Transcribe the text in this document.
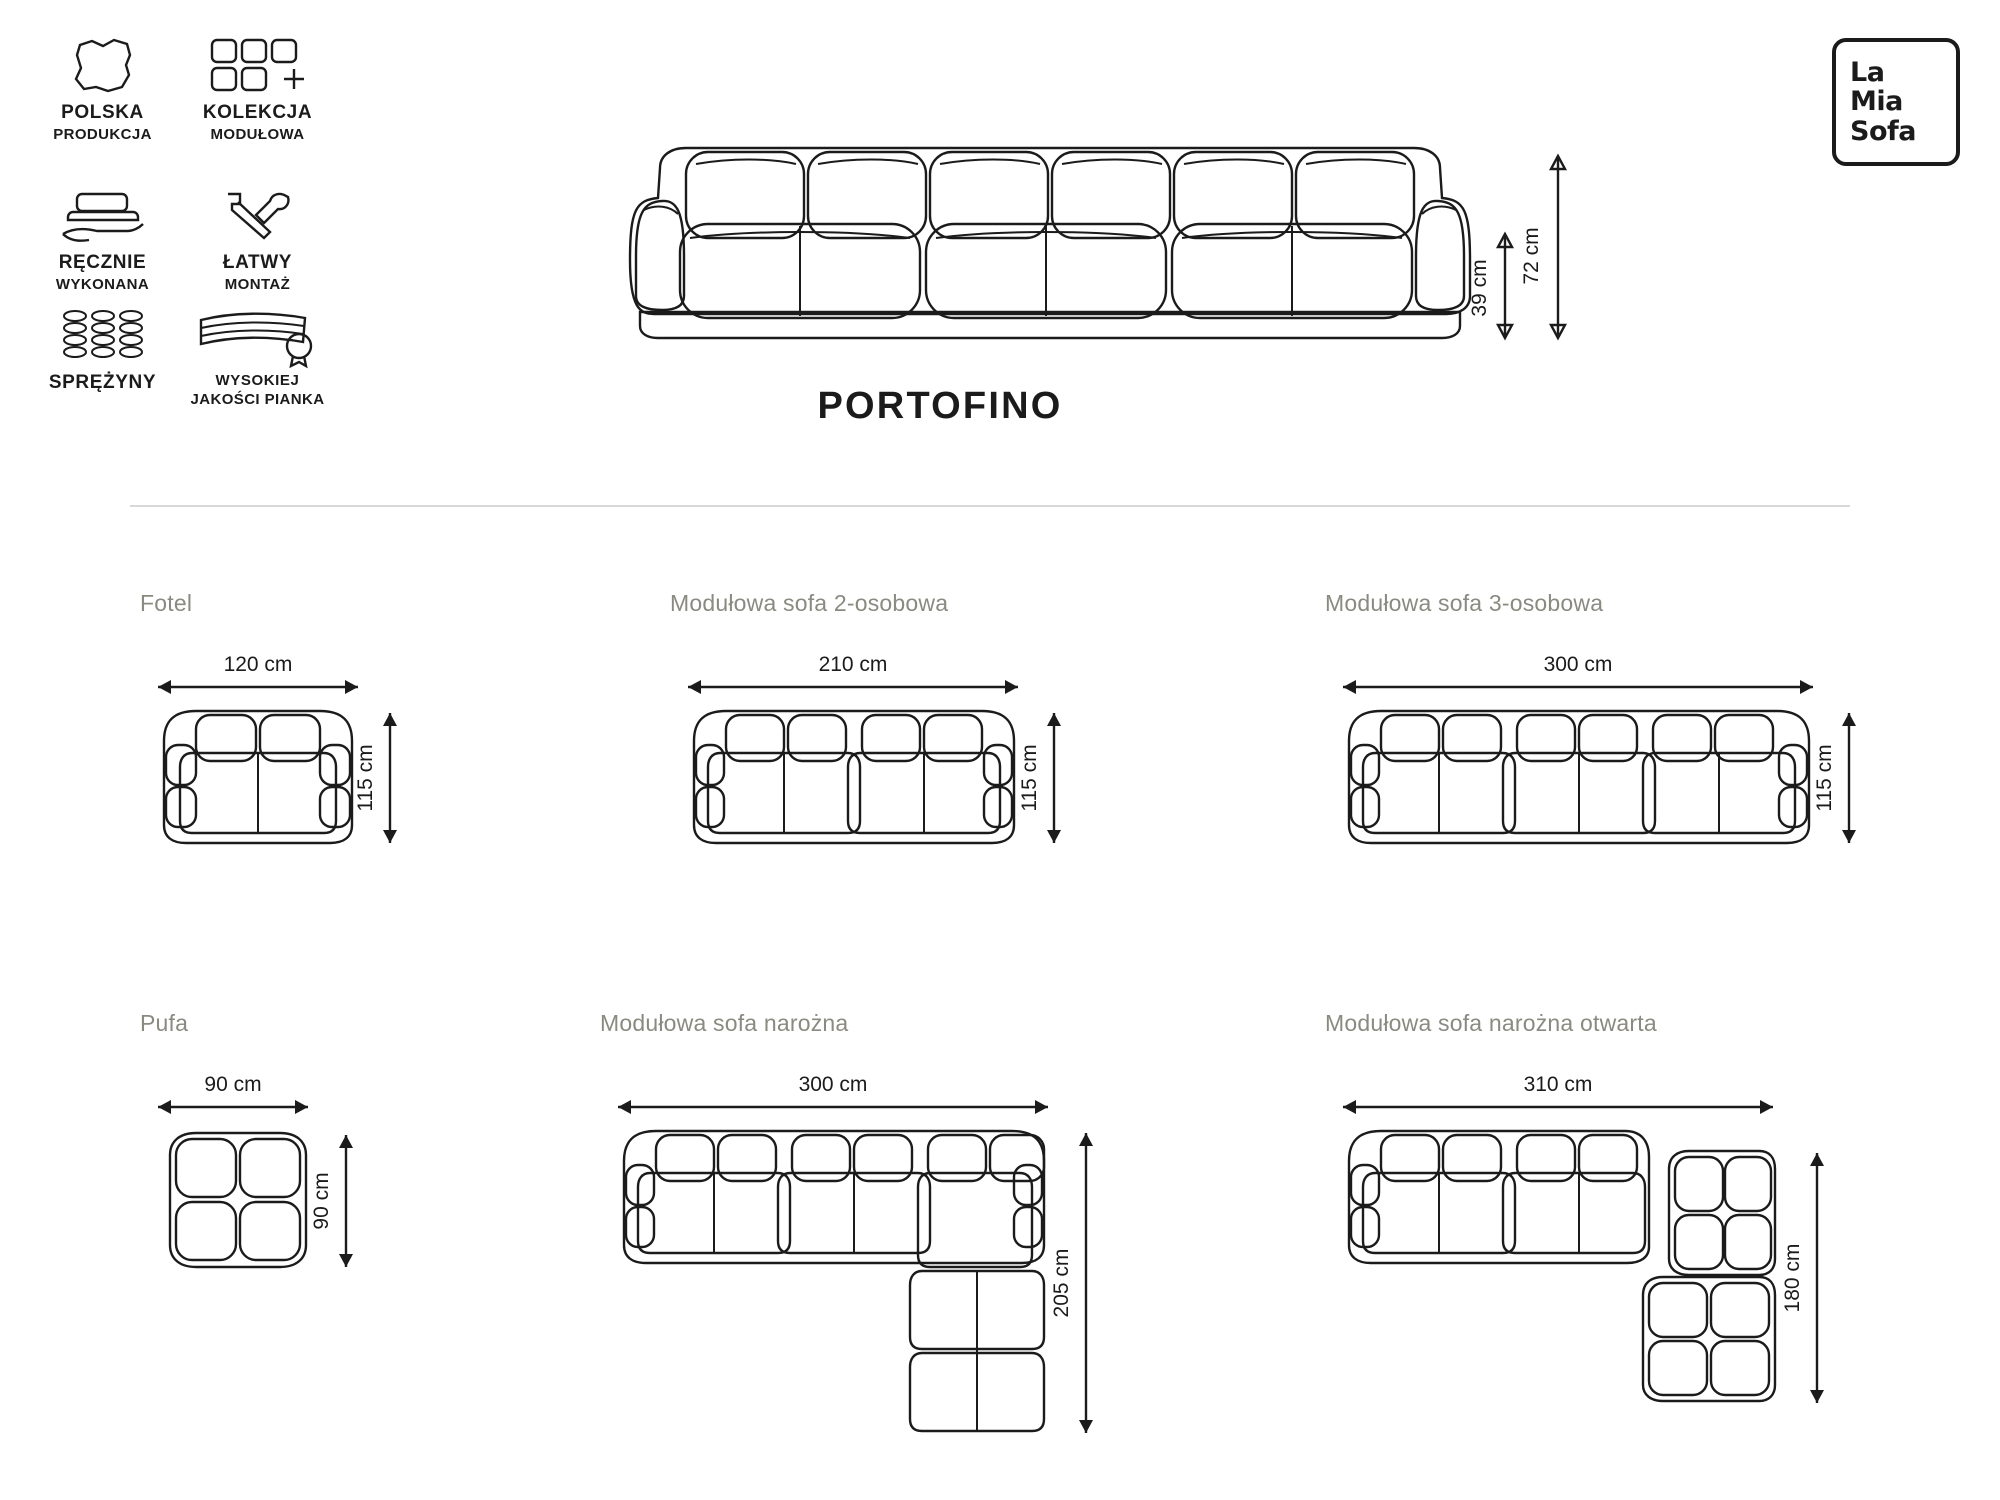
POLSKA
PRODUKCJA
KOLEKCJA
MODUŁOWA
RĘCZNIE
WYKONANA
ŁATWY
MONTAŻ
SPRĘŻYNY	WYSOKIEJ
JAKOŚCI PIANKA
La
Mia
Sofa
72 cm
39 cm
PORTOFINO
Fotel
120 cm
115 cm
Modułowa sofa 2-osobowa
210 cm
115 cm
Modułowa sofa 3-osobowa
300 cm
115 cm
Pufa
90 cm
90 cm
Modułowa sofa narożna
300 cm
205 cm
Modułowa sofa narożna otwarta
310 cm
180 cm
